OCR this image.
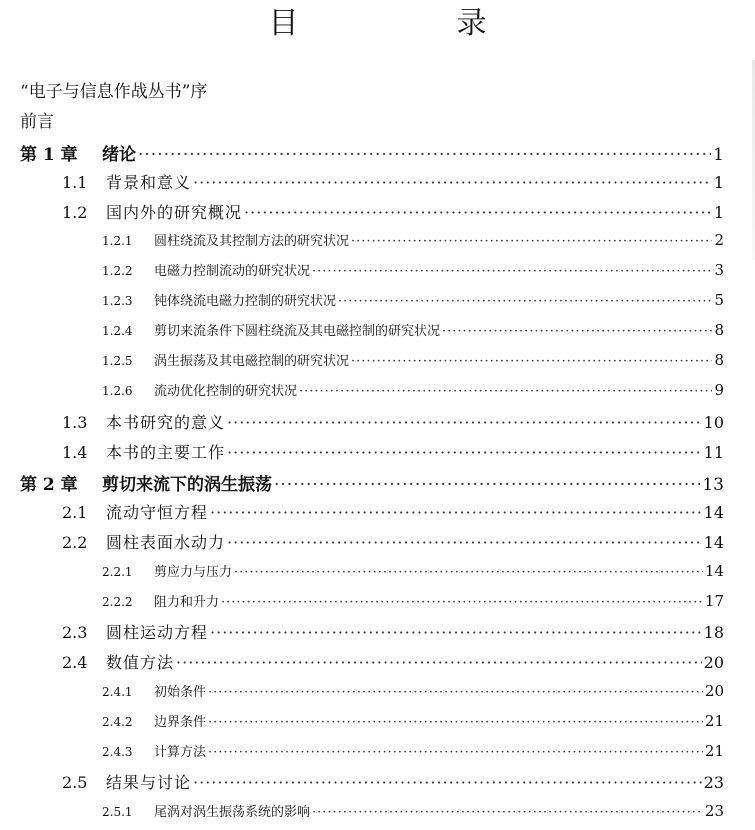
目　录
“电子与信息作战丛书”序
前言
第 1 章	绪论 ·····	1
1.1	背景和意义 ·····	1
1.2	国内外的研究概况 ·····	1
1.2.1	圆柱绕流及其控制方法的研究状况 ·····	2
1.2.2	电磁力控制流动的研究状况 ·····	3
1.2.3	钝体绕流电磁力控制的研究状况 ·····	5
1.2.4	剪切来流条件下圆柱绕流及其电磁控制的研究状况 ·····	8
1.2.5	涡生振荡及其电磁控制的研究状况 ·····	8
1.2.6	流动优化控制的研究状况 ·····	9
1.3	本书研究的意义 ·····	10
1.4	本书的主要工作 ·····	11
第 2 章	剪切来流下的涡生振荡 ·····	13
2.1	流动守恒方程 ·····	14
2.2	圆柱表面水动力 ·····	14
2.2.1	剪应力与压力 ·····	14
2.2.2	阻力和升力 ·····	17
2.3	圆柱运动方程 ·····	18
2.4	数值方法 ·····	20
2.4.1	初始条件 ·····	20
2.4.2	边界条件 ·····	21
2.4.3	计算方法 ·····	21
2.5	结果与讨论 ·····	23
2.5.1	尾涡对涡生振荡系统的影响 ·····	23
